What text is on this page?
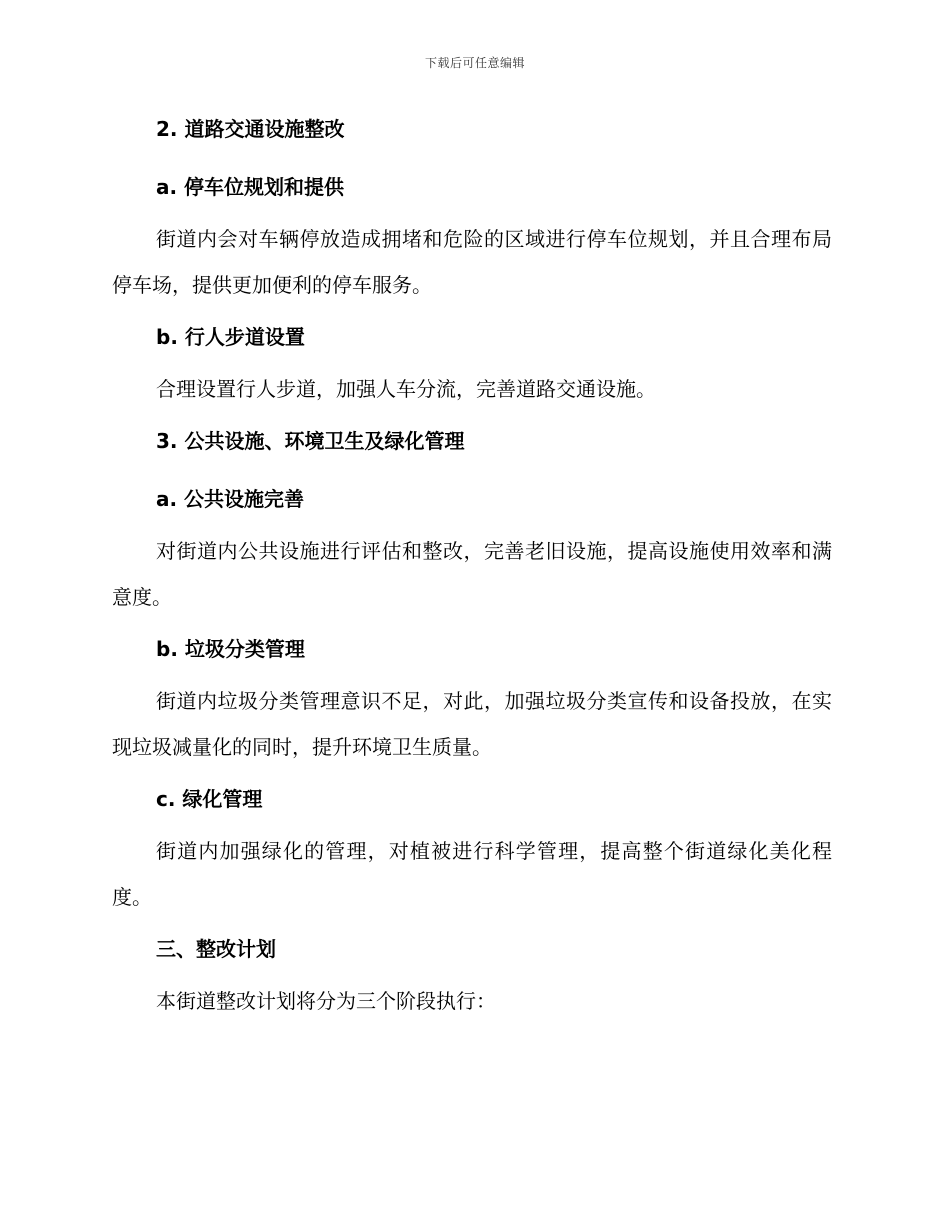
下载后可任意编辑

2. 道路交通设施整改

a. 停车位规划和提供

街道内会对车辆停放造成拥堵和危险的区域进行停车位规划，并且合理布局停车场，提供更加便利的停车服务。

b. 行人步道设置

合理设置行人步道，加强人车分流，完善道路交通设施。

3. 公共设施、环境卫生及绿化管理

a. 公共设施完善

对街道内公共设施进行评估和整改，完善老旧设施，提高设施使用效率和满意度。

b. 垃圾分类管理

街道内垃圾分类管理意识不足，对此，加强垃圾分类宣传和设备投放，在实现垃圾减量化的同时，提升环境卫生质量。

c. 绿化管理

街道内加强绿化的管理，对植被进行科学管理，提高整个街道绿化美化程度。

三、整改计划

本街道整改计划将分为三个阶段执行：
